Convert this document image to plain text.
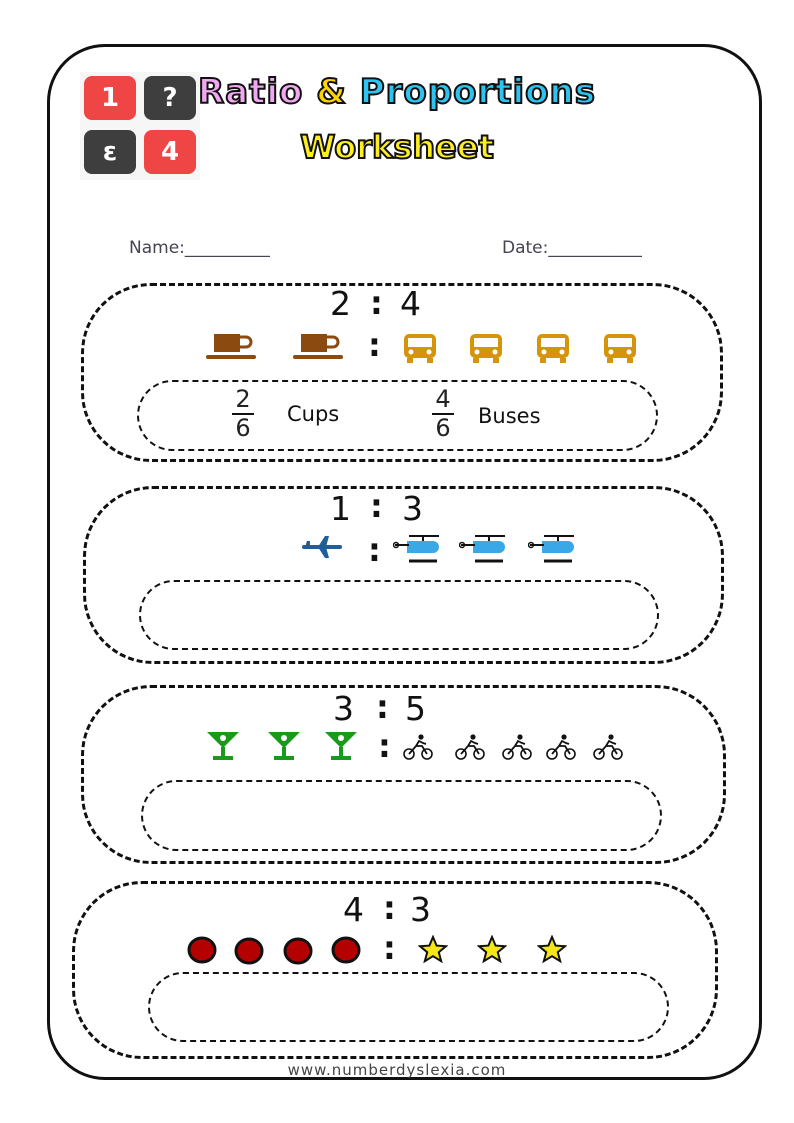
1	?
ε	4
Ratio & Proportions
Worksheet
Name:__________	Date:___________
2 : 4
:
2
6
Cups
4
6	Buses
1 : 3
:
3 : 5
:
4 : 3
:
www.numberdyslexia.com
